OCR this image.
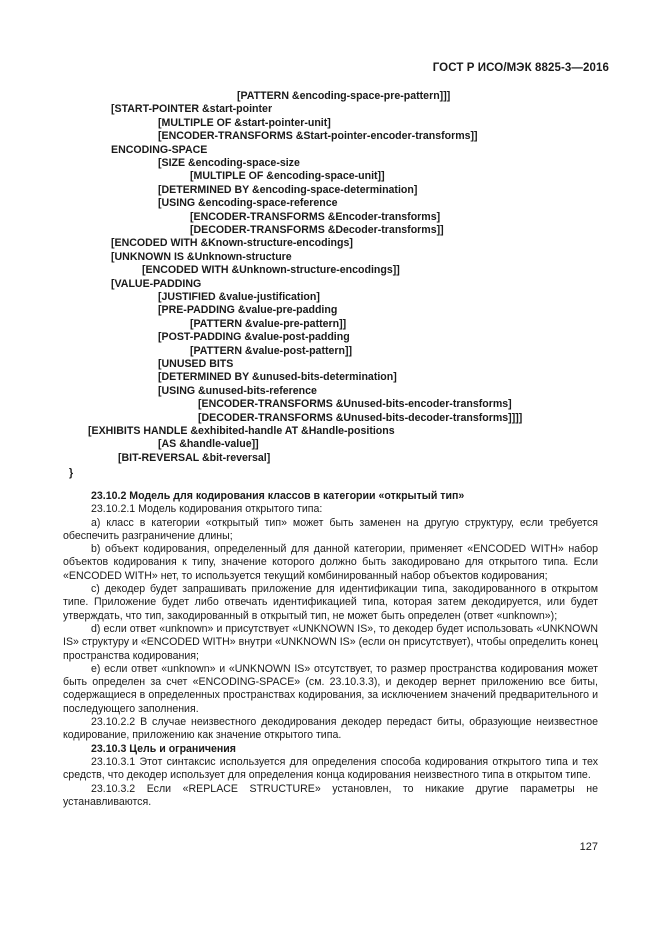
ГОСТ Р ИСО/МЭК 8825-3—2016
[PATTERN &encoding-space-pre-pattern]]]
[START-POINTER &start-pointer
[MULTIPLE OF &start-pointer-unit]
[ENCODER-TRANSFORMS &Start-pointer-encoder-transforms]]
ENCODING-SPACE
[SIZE &encoding-space-size
[MULTIPLE OF &encoding-space-unit]]
[DETERMINED BY &encoding-space-determination]
[USING &encoding-space-reference
[ENCODER-TRANSFORMS &Encoder-transforms]
[DECODER-TRANSFORMS &Decoder-transforms]]
[ENCODED WITH &Known-structure-encodings]
[UNKNOWN IS &Unknown-structure
[ENCODED WITH &Unknown-structure-encodings]]
[VALUE-PADDING
[JUSTIFIED &value-justification]
[PRE-PADDING &value-pre-padding
[PATTERN &value-pre-pattern]]
[POST-PADDING &value-post-padding
[PATTERN &value-post-pattern]]
[UNUSED BITS
[DETERMINED BY &unused-bits-determination]
[USING &unused-bits-reference
[ENCODER-TRANSFORMS &Unused-bits-encoder-transforms]
[DECODER-TRANSFORMS &Unused-bits-decoder-transforms]]]]
[EXHIBITS HANDLE &exhibited-handle AT &Handle-positions
[AS &handle-value]]
[BIT-REVERSAL &bit-reversal]
}

23.10.2 Модель для кодирования классов в категории «открытый тип»

23.10.2.1 Модель кодирования открытого типа:

a) класс в категории «открытый тип» может быть заменен на другую структуру, если требуется обеспечить разграничение длины;

b) объект кодирования, определенный для данной категории, применяет «ENCODED WITH» набор объектов кодирования к типу, значение которого должно быть закодировано для открытого типа. Если «ENCODED WITH» нет, то используется текущий комбинированный набор объектов кодирования;

c) декодер будет запрашивать приложение для идентификации типа, закодированного в открытом типе. Приложение будет либо отвечать идентификацией типа, которая затем декодируется, или будет утверждать, что тип, закодированный в открытый тип, не может быть определен (ответ «unknown»);

d) если ответ «unknown» и присутствует «UNKNOWN IS», то декодер будет использовать «UNKNOWN IS» структуру и «ENCODED WITH» внутри «UNKNOWN IS» (если он присутствует), чтобы определить конец пространства кодирования;

e) если ответ «unknown» и «UNKNOWN IS» отсутствует, то размер пространства кодирования может быть определен за счет «ENCODING-SPACE» (см. 23.10.3.3), и декодер вернет приложению все биты, содержащиеся в определенных пространствах кодирования, за исключением значений предварительного и последующего заполнения.

23.10.2.2 В случае неизвестного декодирования декодер передаст биты, образующие неизвестное кодирование, приложению как значение открытого типа.

23.10.3 Цель и ограничения

23.10.3.1 Этот синтаксис используется для определения способа кодирования открытого типа и тех средств, что декодер использует для определения конца кодирования неизвестного типа в открытом типе.

23.10.3.2 Если «REPLACE STRUCTURE» установлен, то никакие другие параметры не устанавливаются.

127
